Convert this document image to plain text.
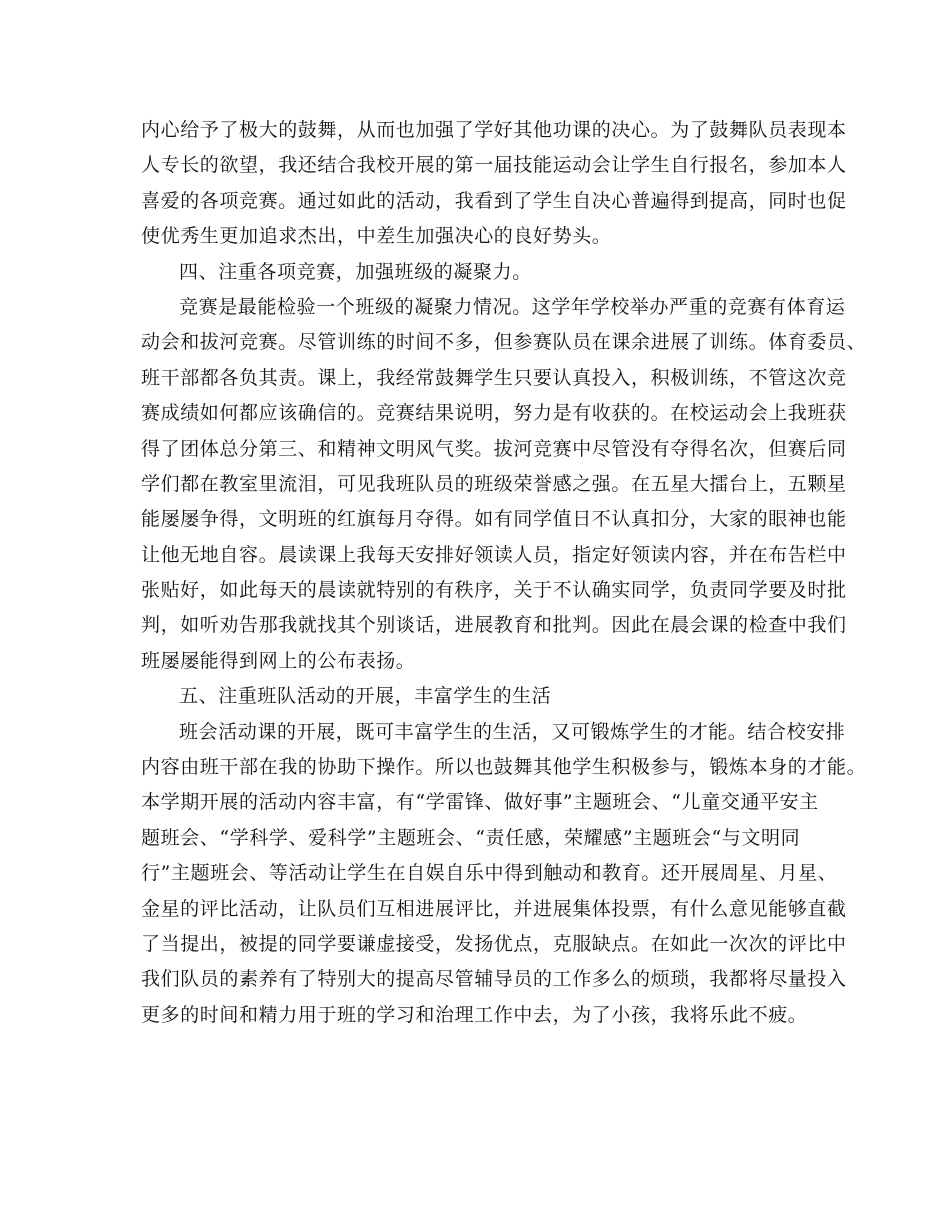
内心给予了极大的鼓舞，从而也加强了学好其他功课的决心。为了鼓舞队员表现本
人专长的欲望，我还结合我校开展的第一届技能运动会让学生自行报名，参加本人
喜爱的各项竞赛。通过如此的活动，我看到了学生自决心普遍得到提高，同时也促
使优秀生更加追求杰出，中差生加强决心的良好势头。
四、注重各项竞赛，加强班级的凝聚力。
竞赛是最能检验一个班级的凝聚力情况。这学年学校举办严重的竞赛有体育运
动会和拔河竞赛。尽管训练的时间不多，但参赛队员在课余进展了训练。体育委员、
班干部都各负其责。课上，我经常鼓舞学生只要认真投入，积极训练，不管这次竞
赛成绩如何都应该确信的。竞赛结果说明，努力是有收获的。在校运动会上我班获
得了团体总分第三、和精神文明风气奖。拔河竞赛中尽管没有夺得名次，但赛后同
学们都在教室里流泪，可见我班队员的班级荣誉感之强。在五星大擂台上，五颗星
能屡屡争得，文明班的红旗每月夺得。如有同学值日不认真扣分，大家的眼神也能
让他无地自容。晨读课上我每天安排好领读人员，指定好领读内容，并在布告栏中
张贴好，如此每天的晨读就特别的有秩序，关于不认确实同学，负责同学要及时批
判，如听劝告那我就找其个别谈话，进展教育和批判。因此在晨会课的检查中我们
班屡屡能得到网上的公布表扬。
五、注重班队活动的开展，丰富学生的生活
班会活动课的开展，既可丰富学生的生活，又可锻炼学生的才能。结合校安排
内容由班干部在我的协助下操作。所以也鼓舞其他学生积极参与，锻炼本身的才能。
本学期开展的活动内容丰富，有“学雷锋、做好事”主题班会、“儿童交通平安主
题班会、“学科学、爱科学”主题班会、“责任感，荣耀感”主题班会“与文明同
行”主题班会、等活动让学生在自娱自乐中得到触动和教育。还开展周星、月星、
金星的评比活动，让队员们互相进展评比，并进展集体投票，有什么意见能够直截
了当提出，被提的同学要谦虚接受，发扬优点，克服缺点。在如此一次次的评比中
我们队员的素养有了特别大的提高尽管辅导员的工作多么的烦琐，我都将尽量投入
更多的时间和精力用于班的学习和治理工作中去，为了小孩，我将乐此不疲。
